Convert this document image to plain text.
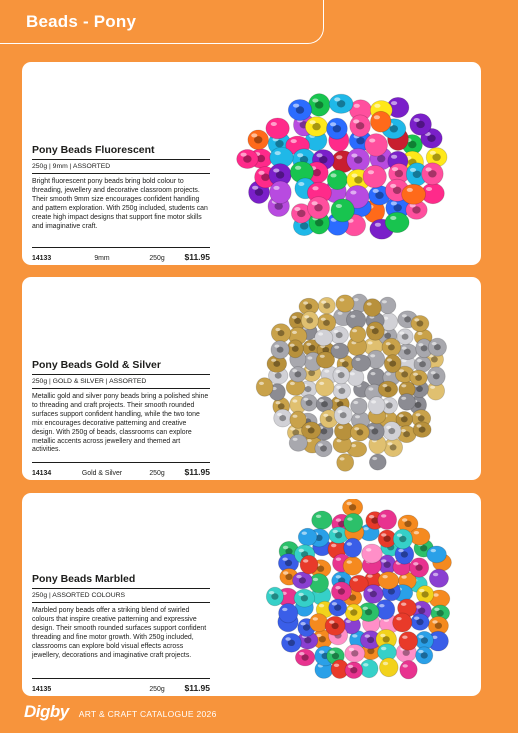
Beads - Pony
Pony Beads Fluorescent
250g | 9mm | ASSORTED

Bright fluorescent pony beads bring bold colour to threading, jewellery and decorative classroom projects. Their smooth 9mm size encourages confident handling and pattern exploration. With 250g included, students can create high impact designs that support fine motor skills and imaginative craft.

14133	9mm	250g	$11.95
Pony Beads Gold & Silver
250g | GOLD & SILVER | ASSORTED

Metallic gold and silver pony beads bring a polished shine to threading and craft projects. Their smooth rounded surfaces support confident handling, while the two tone mix encourages decorative patterning and creative design. With 250g of beads, classrooms can explore metallic accents across jewellery and themed art activities.

14134	Gold & Silver	250g	$11.95
Pony Beads Marbled
250g | ASSORTED COLOURS

Marbled pony beads offer a striking blend of swirled colours that inspire creative patterning and expressive design. Their smooth rounded surfaces support confident threading and fine motor growth. With 250g included, classrooms can explore bold visual effects across jewellery, decorations and imaginative craft projects.

14135	250g	$11.95
Digby ART & CRAFT CATALOGUE 2026
